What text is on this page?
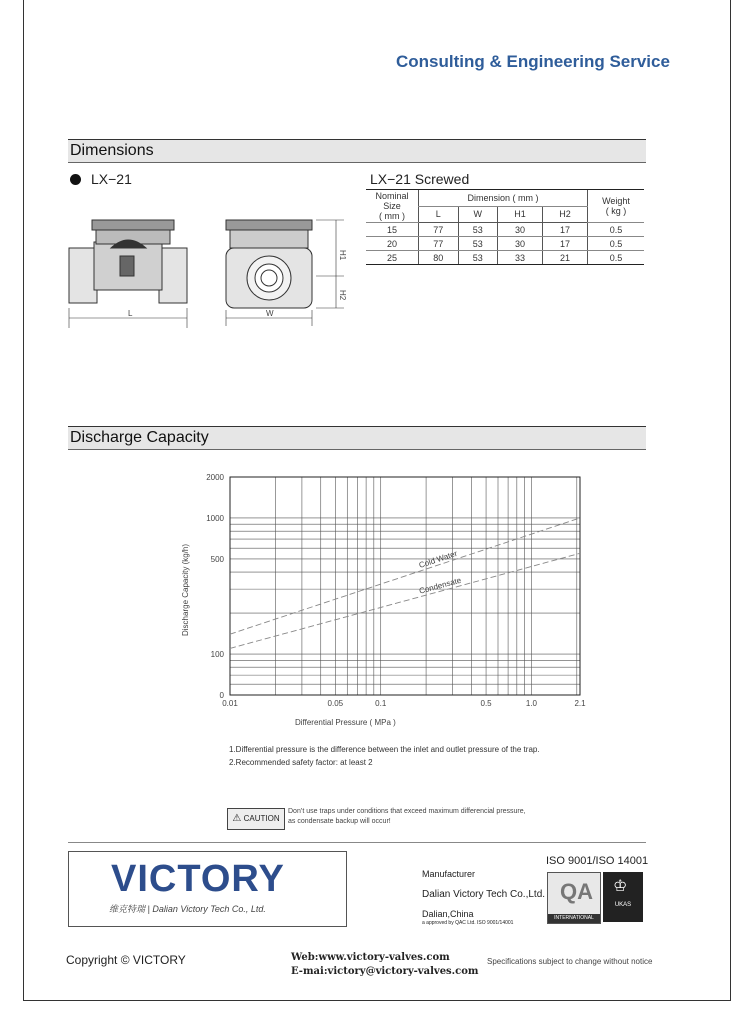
Consulting & Engineering Service
Dimensions
LX−21
L	W
H1
H2
LX−21 Screwed
Nominal Size
( mm )	Dimension ( mm )				Weight
( kg )
	L	W	H1	H2	
15	77	53	30	17	0.5
20	77	53	30	17	0.5
25	80	53	33	21	0.5
Discharge Capacity
0.01	0.05	0.1	0.5	1.0	2.1
2000
1000
500
100
0
Cold Water
Condensate
Discharge Capacity (kg/h)
Differential Pressure ( MPa )
1.Differential pressure is the difference between the inlet and outlet pressure of the trap.
2.Recommended safety factor: at least 2
⚠ CAUTION
Don’t use traps under conditions that exceed maximum differencial pressure, as condensate backup will occur!
VICTORY
维克特瑞 | Dalian Victory Tech Co., Ltd.
Manufacturer
Dalian Victory Tech Co.,Ltd.
Dalian,China
a approved by QAC Ltd. ISO 9001/14001
ISO 9001/ISO 14001
QA
INTERNATIONAL
♔
UKAS
Copyright © VICTORY	Web:www.victory-valves.com
E-mai:victory@victory-valves.com
Specifications subject to change without notice
